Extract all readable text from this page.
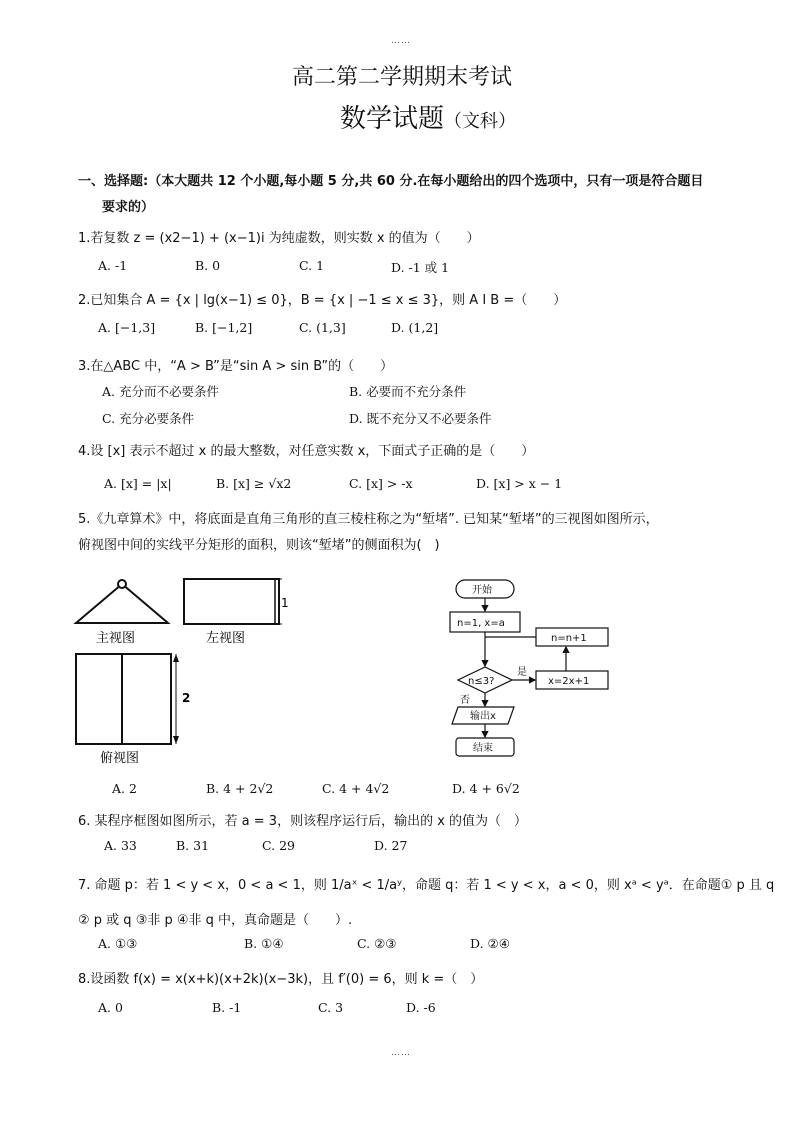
……
高二第二学期期末考试
数学试题（文科）
一、选择题:（本大题共 12 个小题,每小题 5 分,共 60 分.在每小题给出的四个选项中，只有一项是符合题目
要求的）
1.若复数 z = (x2−1) + (x−1)i 为纯虚数，则实数 x 的值为（　　）
A. -1	B. 0	C. 1	D. -1 或 1
2.已知集合 A = {x | lg(x−1) ≤ 0}，B = {x | −1 ≤ x ≤ 3}，则 A I B =（　　）
A. [−1,3]	B. [−1,2]	C. (1,3]	D. (1,2]
3.在△ABC 中，“A > B”是“sin A > sin B”的（　　）
A. 充分而不必要条件	B. 必要而不充分条件
C. 充分必要条件	D. 既不充分又不必要条件
4.设 [x] 表示不超过 x 的最大整数，对任意实数 x，下面式子正确的是（　　）
A. [x] = |x|	B. [x] ≥ √x2	C. [x] > -x	D. [x] > x − 1
5.《九章算术》中，将底面是直角三角形的直三棱柱称之为“堑堵”. 已知某“堑堵”的三视图如图所示，
俯视图中间的实线平分矩形的面积，则该“堑堵”的侧面积为(　)
主视图
1
左视图
2
俯视图
开始
n=1, x=a
n=n+1
n≤3?
是
否
x=2x+1
输出x
结束
A. 2	B. 4 + 2√2	C. 4 + 4√2	D. 4 + 6√2
6. 某程序框图如图所示，若 a = 3，则该程序运行后，输出的 x 的值为（　）
A. 33	B. 31	C. 29	D. 27
7. 命题 p：若 1 < y < x，0 < a < 1，则 1/aˣ < 1/aʸ，命题 q：若 1 < y < x，a < 0，则 xᵃ < yᵃ．在命题① p 且 q
② p 或 q ③非 p ④非 q 中，真命题是（　　）.
A. ①③	B. ①④	C. ②③	D. ②④
8.设函数 f(x) = x(x+k)(x+2k)(x−3k)，且 f′(0) = 6，则 k =（　）
A. 0	B. -1	C. 3	D. -6
……
